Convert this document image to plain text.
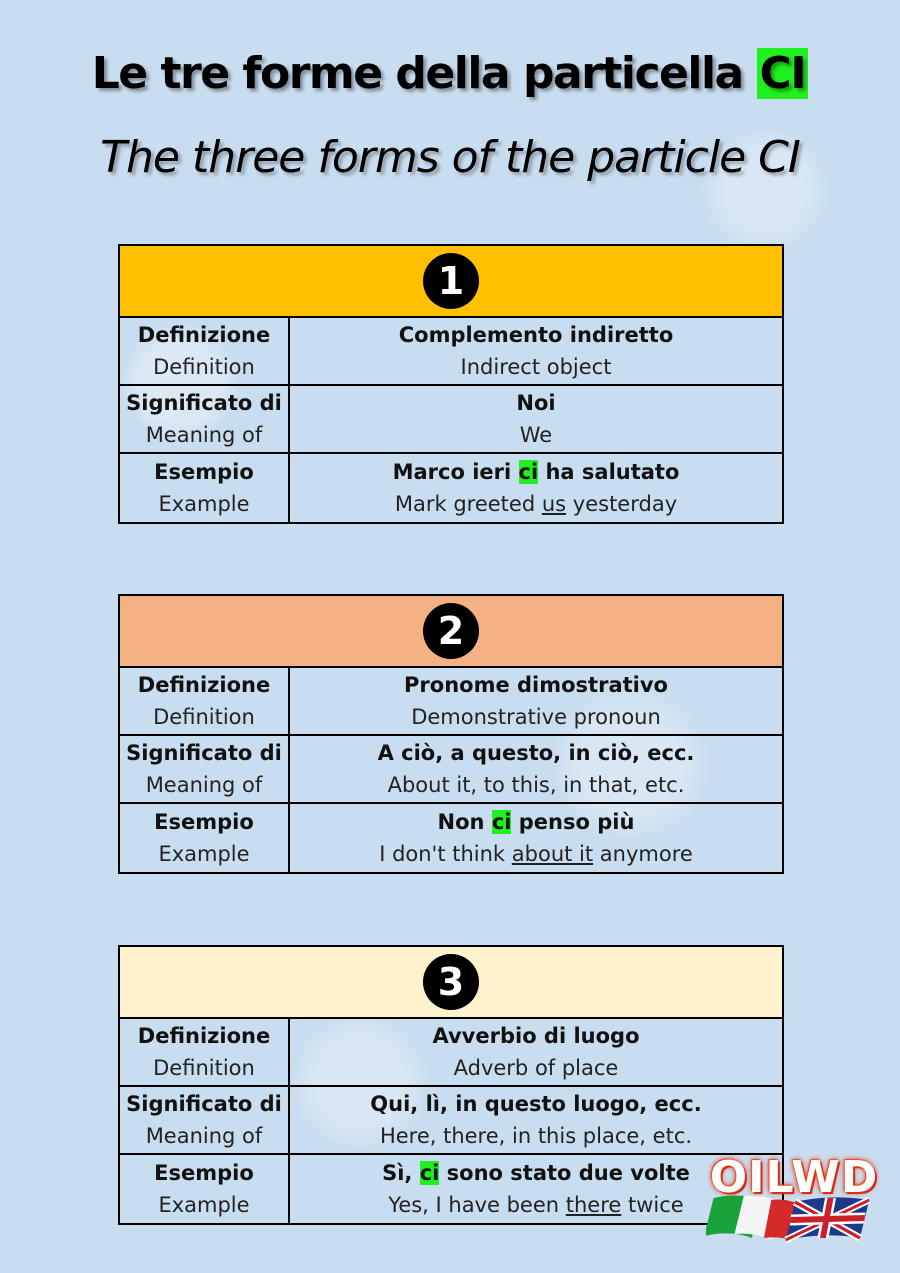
Le tre forme della particella CI
The three forms of the particle CI
1
Definizione
Definition
Complemento indiretto
Indirect object
Significato di
Meaning of
Noi
We
Esempio
Example
Marco ieri ci ha salutato
Mark greeted us yesterday
2
Definizione
Definition
Pronome dimostrativo
Demonstrative pronoun
Significato di
Meaning of
A ciò, a questo, in ciò, ecc.
About it, to this, in that, etc.
Esempio
Example
Non ci penso più
I don't think about it anymore
3
Definizione
Definition
Avverbio di luogo
Adverb of place
Significato di
Meaning of
Qui, lì, in questo luogo, ecc.
Here, there, in this place, etc.
Esempio
Example
Sì, ci sono stato due volte
Yes, I have been there twice
OILWD
